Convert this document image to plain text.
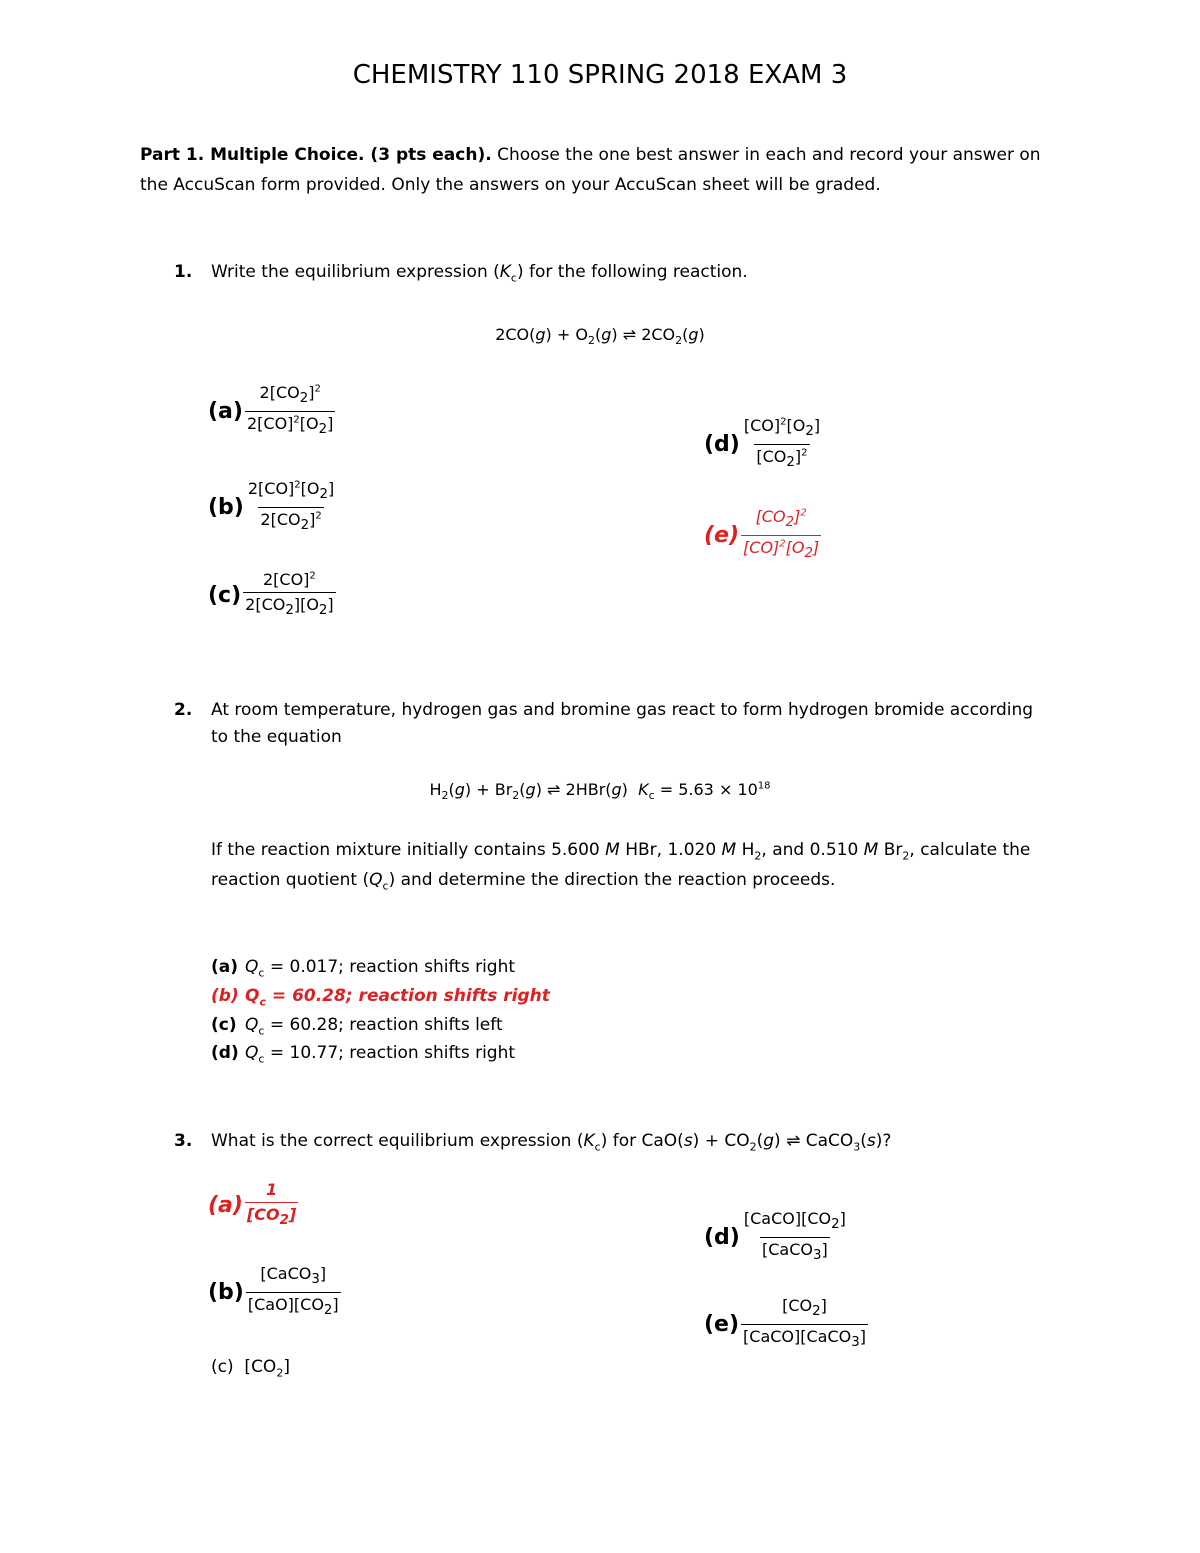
CHEMISTRY 110 SPRING 2018 EXAM 3
Part 1. Multiple Choice. (3 pts each). Choose the one best answer in each and record your answer on
the AccuScan form provided. Only the answers on your AccuScan sheet will be graded.
1. Write the equilibrium expression $(K_c)$ for the following reaction.
$2CO(g) + O_2(g)$ ⇌ $2CO_2(g)$
$(a) \frac{2[CO_2]^2}{2[CO]^2[O_2]}$
$(b) \frac{2[CO]^2[O_2]}{2[CO_2]^2}$
$(c) \frac{2[CO]^2}{2[CO_2][O_2]}$
$(d) \frac{[CO]^2[O_2]}{[CO_2]^2}$
$(e) \frac{[CO_2]^2}{[CO]^2[O_2]}$
2. At room temperature, hydrogen gas and bromine gas react to form hydrogen bromide according
to the equation
$H_2(g) + Br_2(g)$ ⇌ 2HBr(g)  $K_c = 5.63 \times 10^{18}$
If the reaction mixture initially contains 5.600 M HBr, 1.020 M $H_2$, and 0.510 M $Br_2$, calculate the
reaction quotient $(Q_c)$ and determine the direction the reaction proceeds.
(a) $Q_c = 0.017$; reaction shifts right
(b) $Q_c = 60.28$; reaction shifts right
(c) $Q_c = 60.28$; reaction shifts left
(d) $Q_c = 10.77$; reaction shifts right
3. What is the correct equilibrium expression $(K_c)$ for $CaO(s) + CO_2(g)$ ⇌ CaCO$_3$(s)?
$(a) \frac{1}{[CO_2]}$
$(b) \frac{[CaCO_3]}{[CaO][CO_2]}$
(c)  $[CO_2]$
$(d) \frac{[CaCO][CO_2]}{[CaCO_3]}$
$(e) \frac{[CO_2]}{[CaCO][CaCO_3]}$
